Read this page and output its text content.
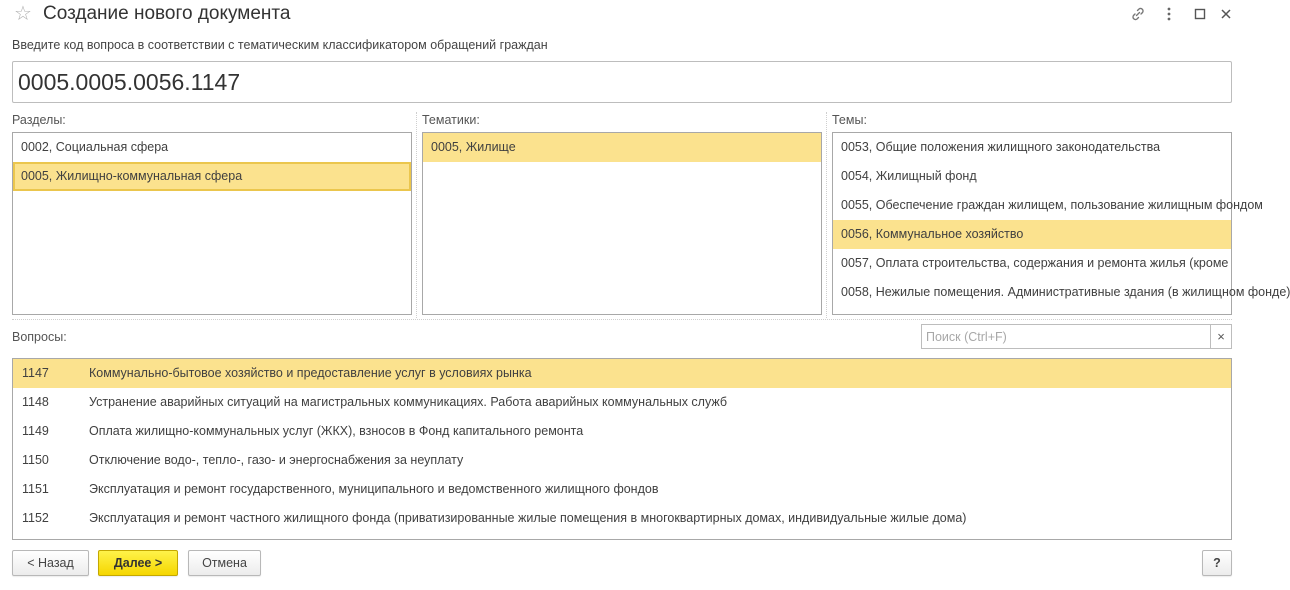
☆ Создание нового документа
Введите код вопроса в соответствии с тематическим классификатором обращений граждан
0005.0005.0056.1147
Разделы:
0002, Социальная сфера
0005, Жилищно-коммунальная сфера
Тематики:
0005, Жилище
Темы:
0053, Общие положения жилищного законодательства
0054, Жилищный фонд
0055, Обеспечение граждан жилищем, пользование жилищным фондом
0056, Коммунальное хозяйство
0057, Оплата строительства, содержания и ремонта жилья (кроме
0058, Нежилые помещения. Административные здания (в жилищном фонде)
Вопросы:
Поиск (Ctrl+F)	×
1147	Коммунально-бытовое хозяйство и предоставление услуг в условиях рынка
1148	Устранение аварийных ситуаций на магистральных коммуникациях. Работа аварийных коммунальных служб
1149	Оплата жилищно-коммунальных услуг (ЖКХ), взносов в Фонд капитального ремонта
1150	Отключение водо-, тепло-, газо- и энергоснабжения за неуплату
1151	Эксплуатация и ремонт государственного, муниципального и ведомственного жилищного фондов
1152	Эксплуатация и ремонт частного жилищного фонда (приватизированные жилые помещения в многоквартирных домах, индивидуальные жилые дома)
< Назад	Далее >	Отмена	?
